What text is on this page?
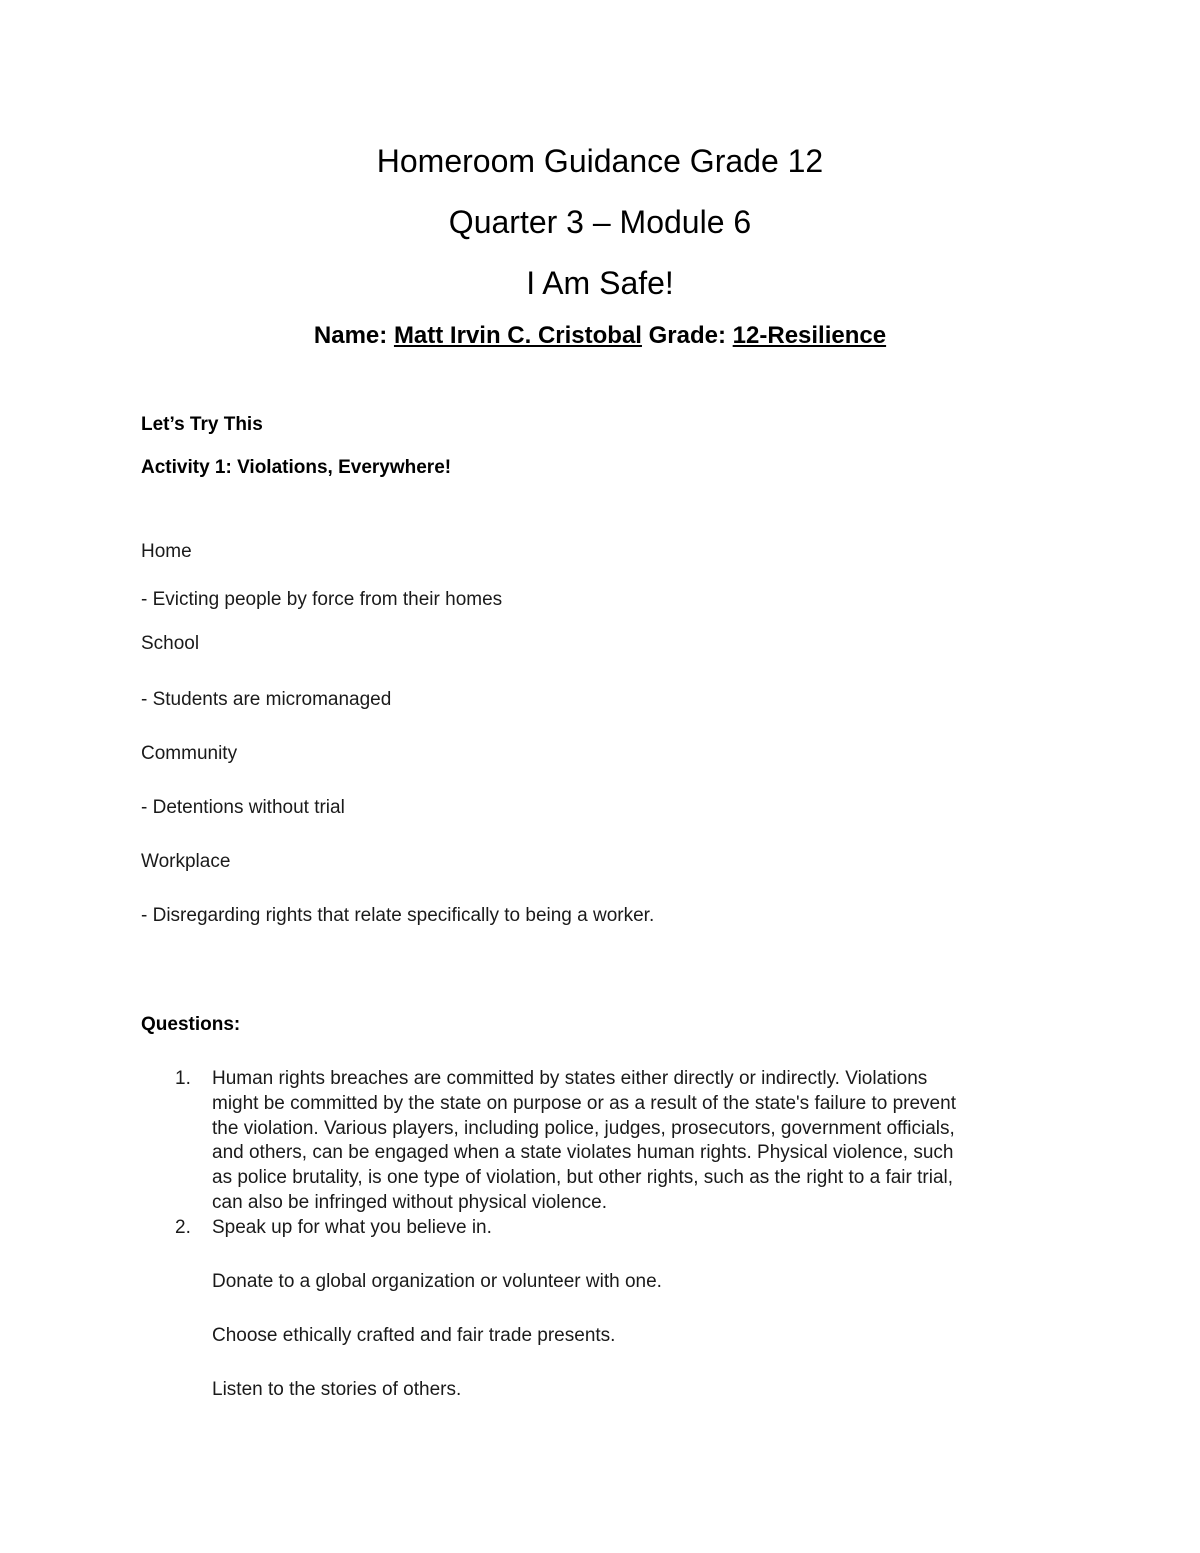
Homeroom Guidance Grade 12
Quarter 3 – Module 6
I Am Safe!
Name: Matt Irvin C. Cristobal Grade: 12-Resilience
Let’s Try This
Activity 1: Violations, Everywhere!
Home
- Evicting people by force from their homes
School
- Students are micromanaged
Community
- Detentions without trial
Workplace
- Disregarding rights that relate specifically to being a worker.
Questions:
1. Human rights breaches are committed by states either directly or indirectly. Violations
might be committed by the state on purpose or as a result of the state's failure to prevent
the violation. Various players, including police, judges, prosecutors, government officials,
and others, can be engaged when a state violates human rights. Physical violence, such
as police brutality, is one type of violation, but other rights, such as the right to a fair trial,
can also be infringed without physical violence.
2. Speak up for what you believe in.
Donate to a global organization or volunteer with one.
Choose ethically crafted and fair trade presents.
Listen to the stories of others.
